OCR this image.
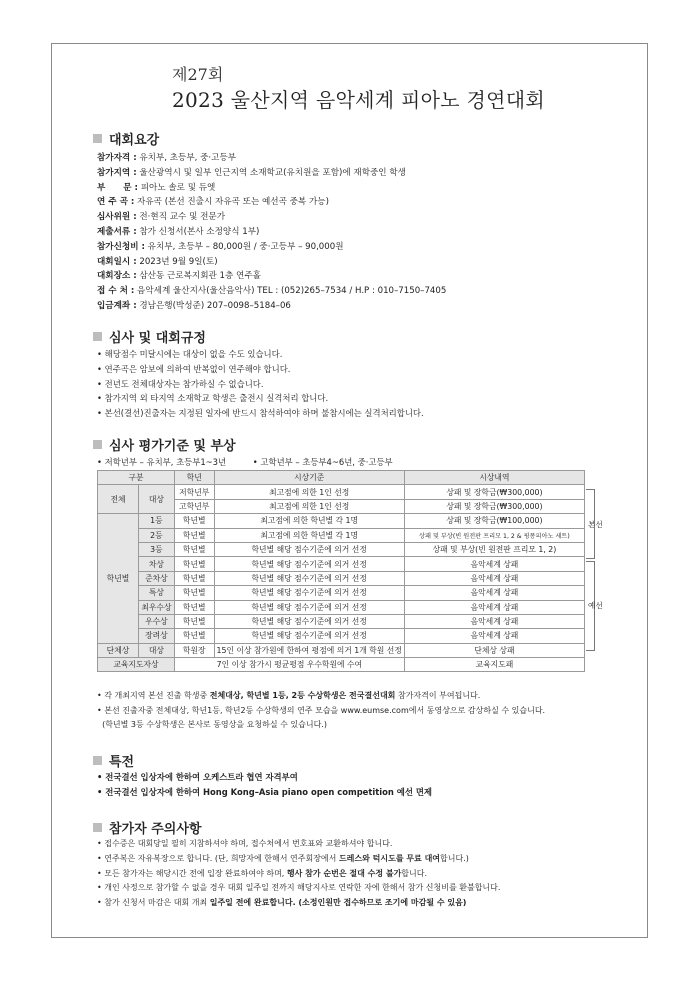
제27회
2023 울산지역 음악세계 피아노 경연대회
대회요강
참가자격 : 유치부, 초등부, 중·고등부
참가지역 : 울산광역시 및 일부 인근지역 소재학교(유치원을 포함)에 재학중인 학생
부      문 : 피아노 솔로 및 듀엣
연 주 곡 : 자유곡 (본선 진출시 자유곡 또는 예선곡 중복 가능)
심사위원 : 전·현직 교수 및 전문가
제출서류 : 참가 신청서(본사 소정양식 1부)
참가신청비 : 유치부, 초등부 – 80,000원 / 중·고등부 – 90,000원
대회일시 : 2023년 9월 9일(토)
대회장소 : 삼산동 근로복지회관 1층 연주홀
접 수 처 : 음악세계 울산지사(울산음악사) TEL : (052)265–7534 / H.P : 010–7150–7405
입금계좌 : 경남은행(박성준) 207–0098–5184–06
심사 및 대회규정
• 해당점수 미달시에는 대상이 없을 수도 있습니다.
• 연주곡은 암보에 의하여 반복없이 연주해야 합니다.
• 전년도 전체대상자는 참가하실 수 없습니다.
• 참가지역 외 타지역 소재학교 학생은 출전시 실격처리 합니다.
• 본선(결선)진출자는 지정된 일자에 반드시 참석하여야 하며 불참시에는 실격처리합니다.
심사 평가기준 및 부상
• 저학년부 – 유치부, 초등부1~3년	• 고학년부 – 초등부4~6년, 중·고등부
구분		학년	시상기준	시상내역
전체	대상	저학년부	최고점에 의한 1인 선정	상패 및 장학금(₩300,000)
		고학년부	최고점에 의한 1인 선정	상패 및 장학금(₩300,000)
학년별	1등	학년별	최고점에 의한 학년별 각 1명	상패 및 장학금(₩100,000)
	2등	학년별	최고점에 의한 학년별 각 1명	상패 및 부상(빈 원전판 프리모 1, 2 & 핑퐁피아노 세트)
	3등	학년별	학년별 해당 점수기준에 의거 선정	상패 및 부상(빈 원전판 프리모 1, 2)
	차상	학년별	학년별 해당 점수기준에 의거 선정	음악세계 상패
	준차상	학년별	학년별 해당 점수기준에 의거 선정	음악세계 상패
	특상	학년별	학년별 해당 점수기준에 의거 선정	음악세계 상패
	최우수상	학년별	학년별 해당 점수기준에 의거 선정	음악세계 상패
	우수상	학년별	학년별 해당 점수기준에 의거 선정	음악세계 상패
	장려상	학년별	학년별 해당 점수기준에 의거 선정	음악세계 상패
단체상	대상	학원장	15인 이상 참가원에 한하여 평점에 의거 1개 학원 선정	단체상 상패
교육지도자상		7인 이상 참가시 평균평점 우수학원에 수여		교육지도패
본선
예선
• 각 개최지역 본선 진출 학생중 전체대상, 학년별 1등, 2등 수상학생은 전국결선대회 참가자격이 부여됩니다.
• 본선 진출자중 전체대상, 학년1등, 학년2등 수상학생의 연주 모습을 www.eumse.com에서 동영상으로 감상하실 수 있습니다.
(학년별 3등 수상학생은 본사로 동영상을 요청하실 수 있습니다.)
특전
• 전국결선 입상자에 한하여 오케스트라 협연 자격부여
• 전국결선 입상자에 한하여 Hong Kong–Asia piano open competition 예선 면제
참가자 주의사항
• 접수증은 대회당일 필히 지참하셔야 하며, 접수처에서 번호표와 교환하셔야 합니다.
• 연주복은 자유복장으로 합니다. (단, 희망자에 한해서 연주회장에서 드레스와 턱시도를 무료 대여합니다.)
• 모든 참가자는 해당시간 전에 입장 완료하여야 하며, 행사 참가 순번은 절대 수정 불가합니다.
• 개인 사정으로 참가할 수 없을 경우 대회 일주일 전까지 해당지사로 연락한 자에 한해서 참가 신청비를 환불합니다.
• 참가 신청서 마감은 대회 개최 일주일 전에 완료합니다. (소정인원만 접수하므로 조기에 마감될 수 있음)
